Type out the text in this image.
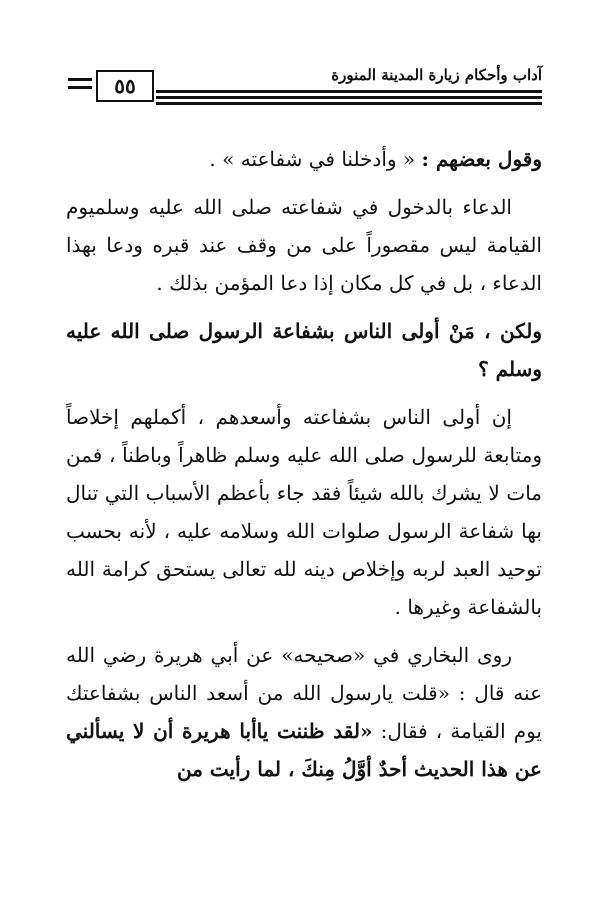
٥٥	آداب وأحكام زيارة المدينة المنورة

وقول بعضهم : « وأدخلنا في شفاعته » .

الدعاء بالدخول في شفاعته صلى الله عليه وسلميوم القيامة ليس مقصوراً على من وقف عند قبره ودعا بهذا الدعاء ، بل في كل مكان إذا دعا المؤمن بذلك .

ولكن ، مَنْ أولى الناس بشفاعة الرسول صلى الله عليه وسلم ؟

إن أولى الناس بشفاعته وأسعدهم ، أكملهم إخلاصاً ومتابعة للرسول صلى الله عليه وسلم ظاهراً وباطناً ، فمن مات لا يشرك بالله شيئاً فقد جاء بأعظم الأسباب التي تنال بها شفاعة الرسول صلوات الله وسلامه عليه ، لأنه بحسب توحيد العبد لربه وإخلاص دينه لله تعالى يستحق كرامة الله بالشفاعة وغيرها .

روى البخاري في «صحيحه» عن أبي هريرة رضي الله عنه قال : «قلت يارسول الله من أسعد الناس بشفاعتك يوم القيامة ، فقال: «لقد ظننت ياأبا هريرة أن لا يسألني عن هذا الحديث أحدٌ أوَّلُ مِنكَ ، لما رأيت من
